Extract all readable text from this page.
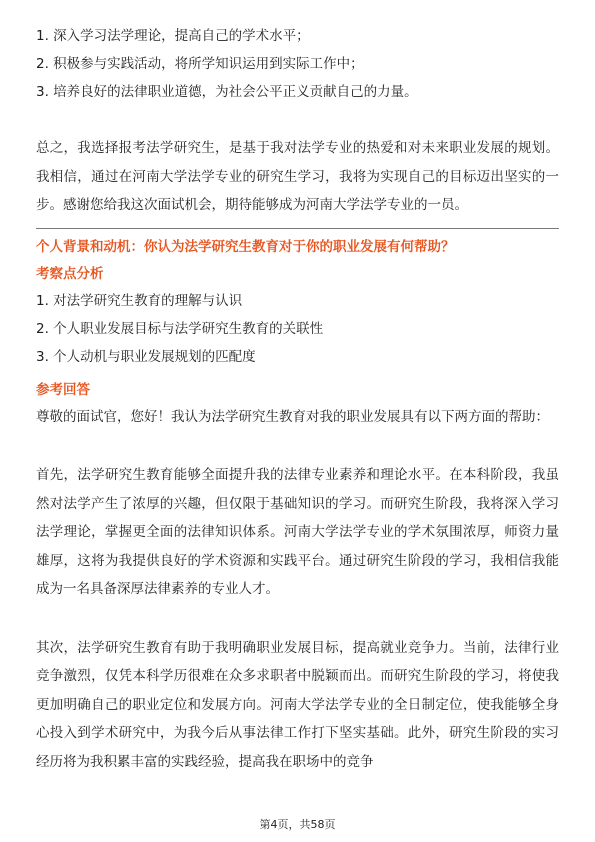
1. 深入学习法学理论，提高自己的学术水平；
2. 积极参与实践活动，将所学知识运用到实际工作中；
3. 培养良好的法律职业道德，为社会公平正义贡献自己的力量。

总之，我选择报考法学研究生，是基于我对法学专业的热爱和对未来职业发展的规划。我相信，通过在河南大学法学专业的研究生学习，我将为实现自己的目标迈出坚实的一步。感谢您给我这次面试机会，期待能够成为河南大学法学专业的一员。

个人背景和动机：你认为法学研究生教育对于你的职业发展有何帮助？
考察点分析
1. 对法学研究生教育的理解与认识
2. 个人职业发展目标与法学研究生教育的关联性
3. 个人动机与职业发展规划的匹配度
参考回答

尊敬的面试官，您好！我认为法学研究生教育对我的职业发展具有以下两方面的帮助：

首先，法学研究生教育能够全面提升我的法律专业素养和理论水平。在本科阶段，我虽然对法学产生了浓厚的兴趣，但仅限于基础知识的学习。而研究生阶段，我将深入学习法学理论，掌握更全面的法律知识体系。河南大学法学专业的学术氛围浓厚，师资力量雄厚，这将为我提供良好的学术资源和实践平台。通过研究生阶段的学习，我相信我能成为一名具备深厚法律素养的专业人才。

其次，法学研究生教育有助于我明确职业发展目标，提高就业竞争力。当前，法律行业竞争激烈，仅凭本科学历很难在众多求职者中脱颖而出。而研究生阶段的学习，将使我更加明确自己的职业定位和发展方向。河南大学法学专业的全日制定位，使我能够全身心投入到学术研究中，为我今后从事法律工作打下坚实基础。此外，研究生阶段的实习经历将为我积累丰富的实践经验，提高我在职场中的竞争

第4页，共58页
